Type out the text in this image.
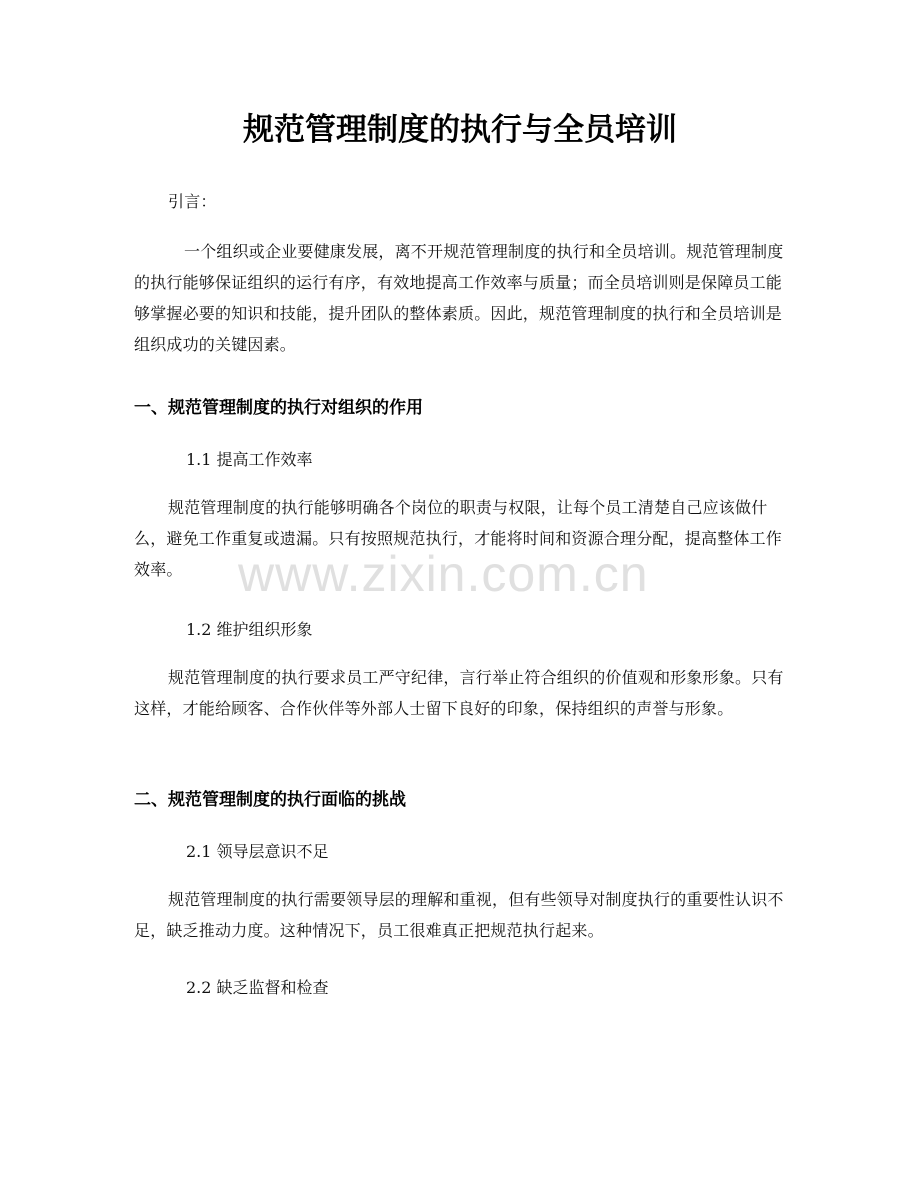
www.zixin.com.cn
规范管理制度的执行与全员培训

引言：

一个组织或企业要健康发展，离不开规范管理制度的执行和全员培训。规范管理制度的执行能够保证组织的运行有序，有效地提高工作效率与质量；而全员培训则是保障员工能够掌握必要的知识和技能，提升团队的整体素质。因此，规范管理制度的执行和全员培训是组织成功的关键因素。

一、规范管理制度的执行对组织的作用

1.1 提高工作效率

规范管理制度的执行能够明确各个岗位的职责与权限，让每个员工清楚自己应该做什么，避免工作重复或遗漏。只有按照规范执行，才能将时间和资源合理分配，提高整体工作效率。

1.2 维护组织形象

规范管理制度的执行要求员工严守纪律，言行举止符合组织的价值观和形象形象。只有这样，才能给顾客、合作伙伴等外部人士留下良好的印象，保持组织的声誉与形象。

二、规范管理制度的执行面临的挑战

2.1 领导层意识不足

规范管理制度的执行需要领导层的理解和重视，但有些领导对制度执行的重要性认识不足，缺乏推动力度。这种情况下，员工很难真正把规范执行起来。

2.2 缺乏监督和检查
